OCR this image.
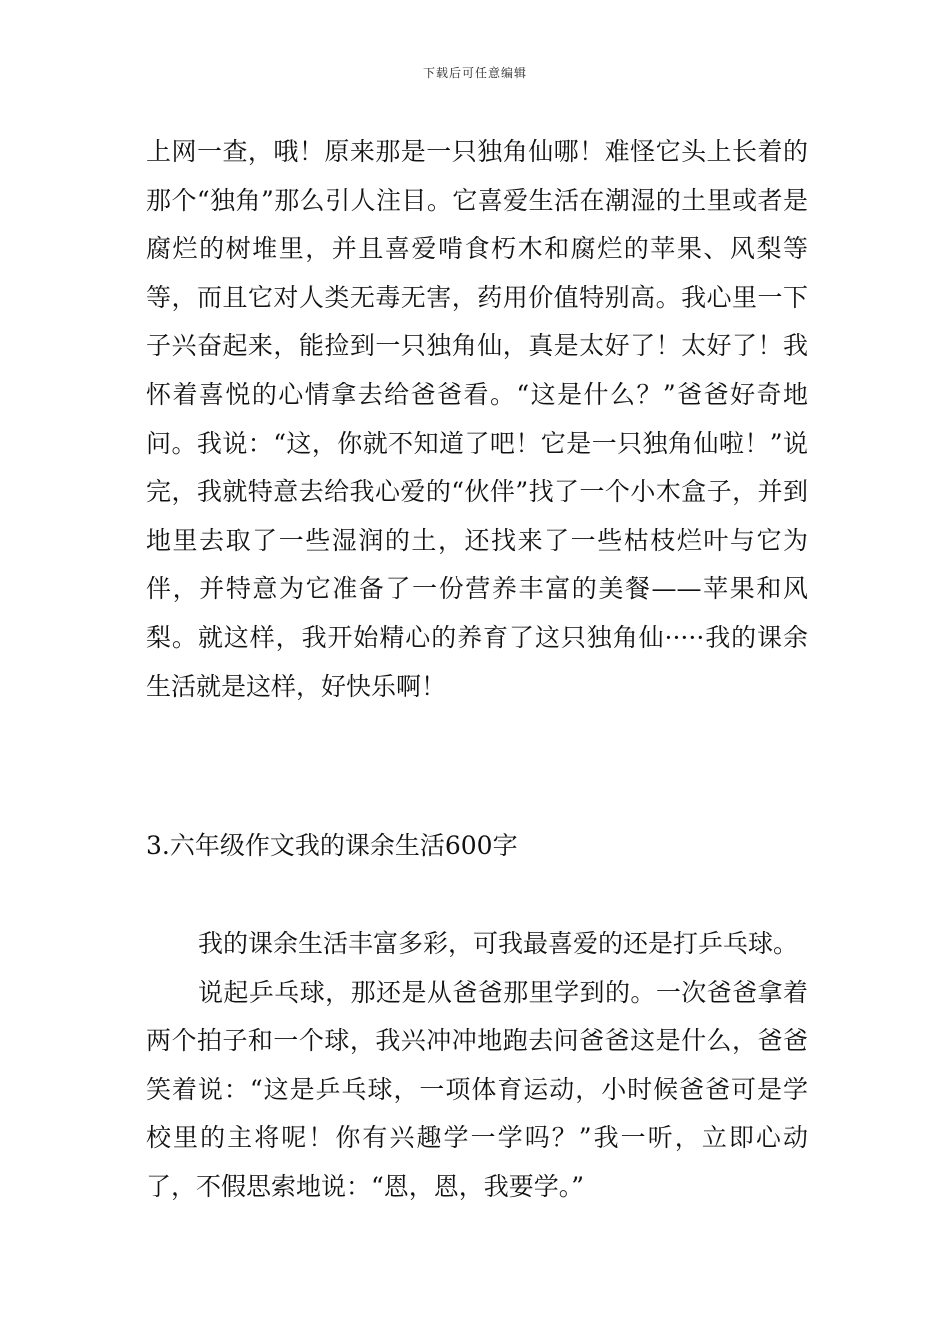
下载后可任意编辑

上网一查，哦！原来那是一只独角仙哪！难怪它头上长着的那个“独角”那么引人注目。它喜爱生活在潮湿的土里或者是腐烂的树堆里，并且喜爱啃食朽木和腐烂的苹果、风梨等等，而且它对人类无毒无害，药用价值特别高。我心里一下子兴奋起来，能捡到一只独角仙，真是太好了！太好了！我怀着喜悦的心情拿去给爸爸看。“这是什么？”爸爸好奇地问。我说：“这，你就不知道了吧！它是一只独角仙啦！”说完，我就特意去给我心爱的“伙伴”找了一个小木盒子，并到地里去取了一些湿润的土，还找来了一些枯枝烂叶与它为伴，并特意为它准备了一份营养丰富的美餐——苹果和风梨。就这样，我开始精心的养育了这只独角仙·····我的课余生活就是这样，好快乐啊！

3.六年级作文我的课余生活600字

我的课余生活丰富多彩，可我最喜爱的还是打乒乓球。

说起乒乓球，那还是从爸爸那里学到的。一次爸爸拿着两个拍子和一个球，我兴冲冲地跑去问爸爸这是什么，爸爸笑着说：“这是乒乓球，一项体育运动，小时候爸爸可是学校里的主将呢！你有兴趣学一学吗？”我一听，立即心动了，不假思索地说：“恩，恩，我要学。”
